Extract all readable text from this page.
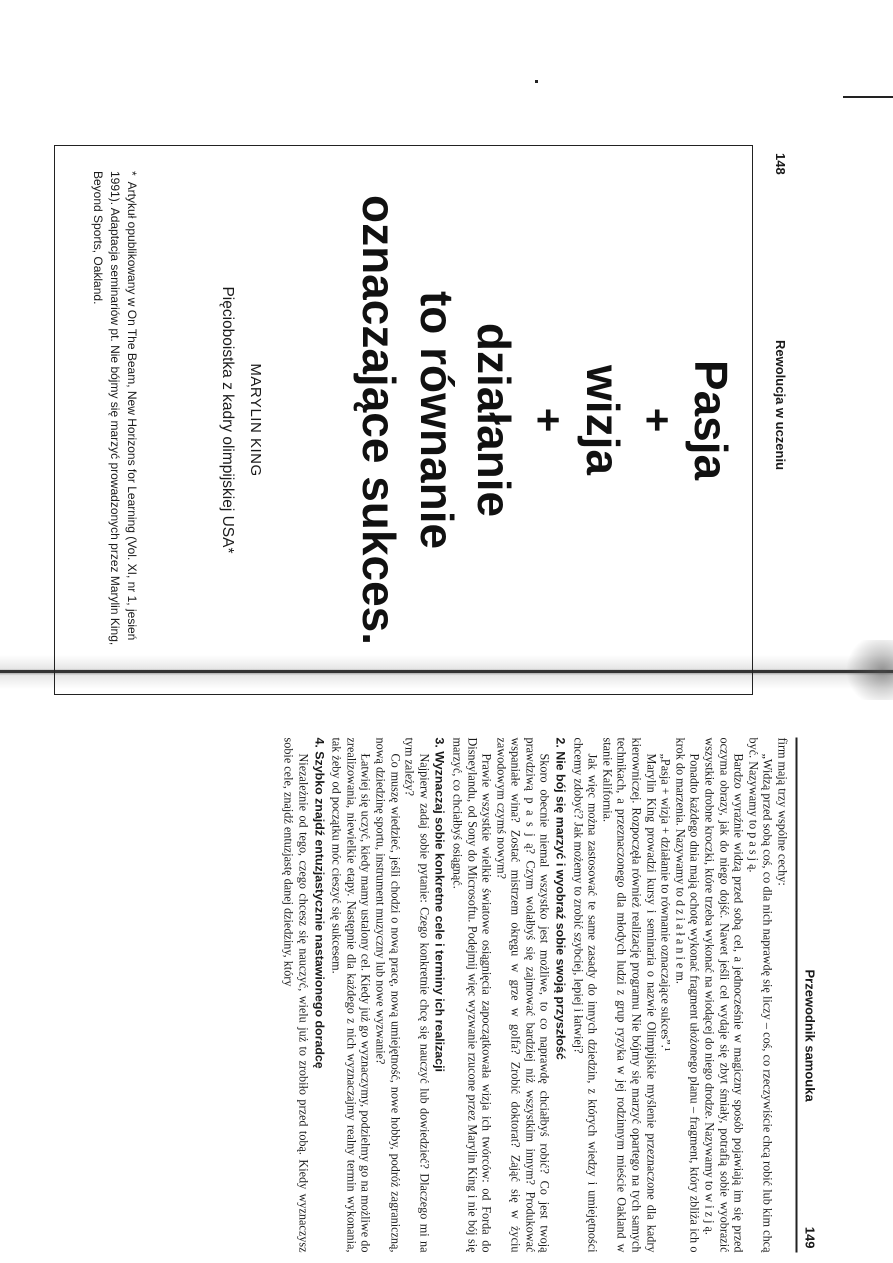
148
Rewolucja w uczeniu
Pasja
+
wizja
+
działanie
to równanie
oznaczające sukces.
MARYLIN KING
Pięcioboistka z kadry olimpijskiej USA*
*Artykuł opublikowany w On The Beam, New Horizons for Learning (Vol. XI, nr 1, jesień 1991). Adaptacja seminariów pt. Nie bójmy się marzyć prowadzonych przez Marylin King, Beyond Sports, Oakland.
Przewodnik samouka
149

firm mają trzy wspólne cechy:

„Widzą przed sobą coś, co dla nich naprawdę się liczy – coś, co rzeczywiście chcą robić lub kim chcą być. Nazywamy to p a s j ą.

Bardzo wyraźnie widzą przed sobą cel, a jednocześnie w magiczny sposób pojawiają im się przed oczyma obrazy, jak do niego dojść. Nawet jeśli cel wydaje się zbyt śmiały, potrafią sobie wyobrazić wszystkie drobne kroczki, które trzeba wykonać na wiodącej do niego drodze. Nazywamy to w i z j ą.

Ponadto każdego dnia mają ochotę wykonać fragment ułożonego planu – fragment, który zbliża ich o krok do marzenia. Nazywamy to d z i a ł a n i e m.

„Pasja + wizja + działanie to równanie oznaczające sukces”.¹

Marylin King prowadzi kursy i seminaria o nazwie Olimpijskie myślenie przeznaczone dla kadry kierowniczej. Rozpoczęła również realizację programu Nie bójmy się marzyć opartego na tych samych technikach, a przeznaczonego dla młodych ludzi z grup ryzyka w jej rodzinnym mieście Oakland w stanie Kalifornia.

Jak więc można zastosować te same zasady do innych dziedzin, z których wiedzy i umiejętności chcemy zdobyć? Jak możemy to zrobić szybciej, lepiej i łatwiej?

2. Nie bój się marzyć i wyobraź sobie swoją przyszłość

Skoro obecnie niemal wszystko jest możliwe, to co naprawdę chciałbyś robić? Co jest twoją prawdziwą p a s j ą? Czym wolałbyś się zajmować bardziej niż wszystkim innym? Produkować wspaniałe wina? Zostać mistrzem okręgu w grze w golfa? Zrobić doktorat? Zająć się w życiu zawodowym czymś nowym?

Prawie wszystkie wielkie światowe osiągnięcia zapoczątkowała wizja ich twórców: od Forda do Disneylandu, od Sony do Microsoftu. Podejmij więc wyzwanie rzucone przez Marylin King i nie bój się marzyć, co chciałbyś osiągnąć.

3. Wyznaczaj sobie konkretne cele i terminy ich realizacji

Najpierw zadaj sobie pytanie: Czego konkretnie chcę się nauczyć lub dowiedzieć? Dlaczego mi na tym zależy?

Co muszę wiedzieć, jeśli chodzi o nową pracę, nową umiejętność, nowe hobby, podróż zagraniczną, nową dziedzinę sportu, instrument muzyczny lub nowe wyzwanie?

Łatwiej się uczyć, kiedy mamy ustalony cel. Kiedy już go wyznaczymy, podzielmy go na możliwe do zrealizowania, niewielkie etapy. Następnie dla każdego z nich wyznaczajmy realny termin wykonania, tak żeby od początku móc cieszyć się sukcesem.

4. Szybko znajdź entuzjastycznie nastawionego doradcę

Niezależnie od tego, czego chcesz się nauczyć, wielu już to zrobiło przed tobą. Kiedy wyznaczysz sobie cele, znajdź entuzjastę danej dziedziny, który
